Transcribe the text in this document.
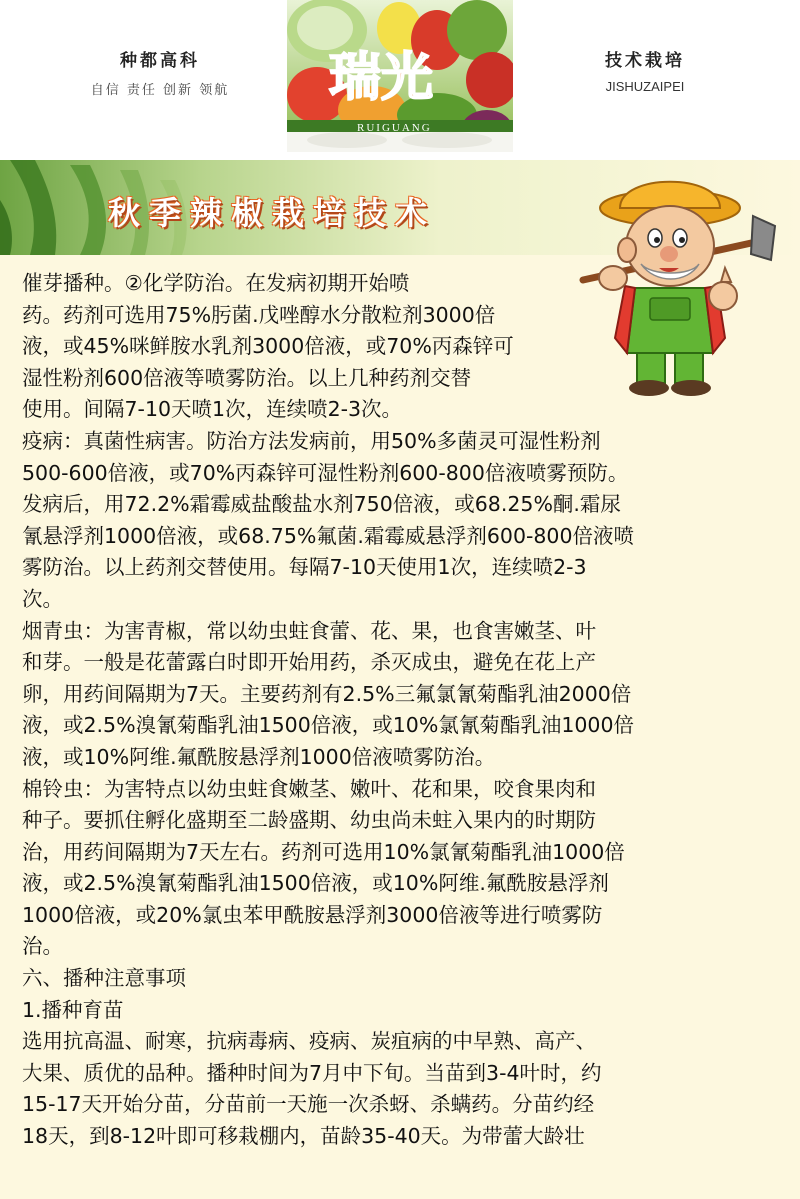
种都高科
自信 责任 创新 领航	瑞光
RUIGUANG
技术栽培
JISHUZAIPEI
秋季辣椒栽培技术
催芽播种。②化学防治。在发病初期开始喷
药。药剂可选用75%肟菌.戊唑醇水分散粒剂3000倍
液，或45%咪鲜胺水乳剂3000倍液，或70%丙森锌可
湿性粉剂600倍液等喷雾防治。以上几种药剂交替
使用。间隔7-10天喷1次，连续喷2-3次。
疫病：真菌性病害。防治方法发病前，用50%多菌灵可湿性粉剂
500-600倍液，或70%丙森锌可湿性粉剂600-800倍液喷雾预防。
发病后，用72.2%霜霉威盐酸盐水剂750倍液，或68.25%酮.霜尿
氰悬浮剂1000倍液，或68.75%氟菌.霜霉威悬浮剂600-800倍液喷
雾防治。以上药剂交替使用。每隔7-10天使用1次，连续喷2-3
次。
烟青虫：为害青椒，常以幼虫蛀食蕾、花、果，也食害嫩茎、叶
和芽。一般是花蕾露白时即开始用药，杀灭成虫，避免在花上产
卵，用药间隔期为7天。主要药剂有2.5%三氟氯氰菊酯乳油2000倍
液，或2.5%溴氰菊酯乳油1500倍液，或10%氯氰菊酯乳油1000倍
液，或10%阿维.氟酰胺悬浮剂1000倍液喷雾防治。
棉铃虫：为害特点以幼虫蛀食嫩茎、嫩叶、花和果，咬食果肉和
种子。要抓住孵化盛期至二龄盛期、幼虫尚未蛀入果内的时期防
治，用药间隔期为7天左右。药剂可选用10%氯氰菊酯乳油1000倍
液，或2.5%溴氰菊酯乳油1500倍液，或10%阿维.氟酰胺悬浮剂
1000倍液，或20%氯虫苯甲酰胺悬浮剂3000倍液等进行喷雾防
治。
六、播种注意事项
1.播种育苗
选用抗高温、耐寒，抗病毒病、疫病、炭疽病的中早熟、高产、
大果、质优的品种。播种时间为7月中下旬。当苗到3-4叶时，约
15-17天开始分苗，分苗前一天施一次杀蚜、杀螨药。分苗约经
18天，到8-12叶即可移栽棚内，苗龄35-40天。为带蕾大龄壮
